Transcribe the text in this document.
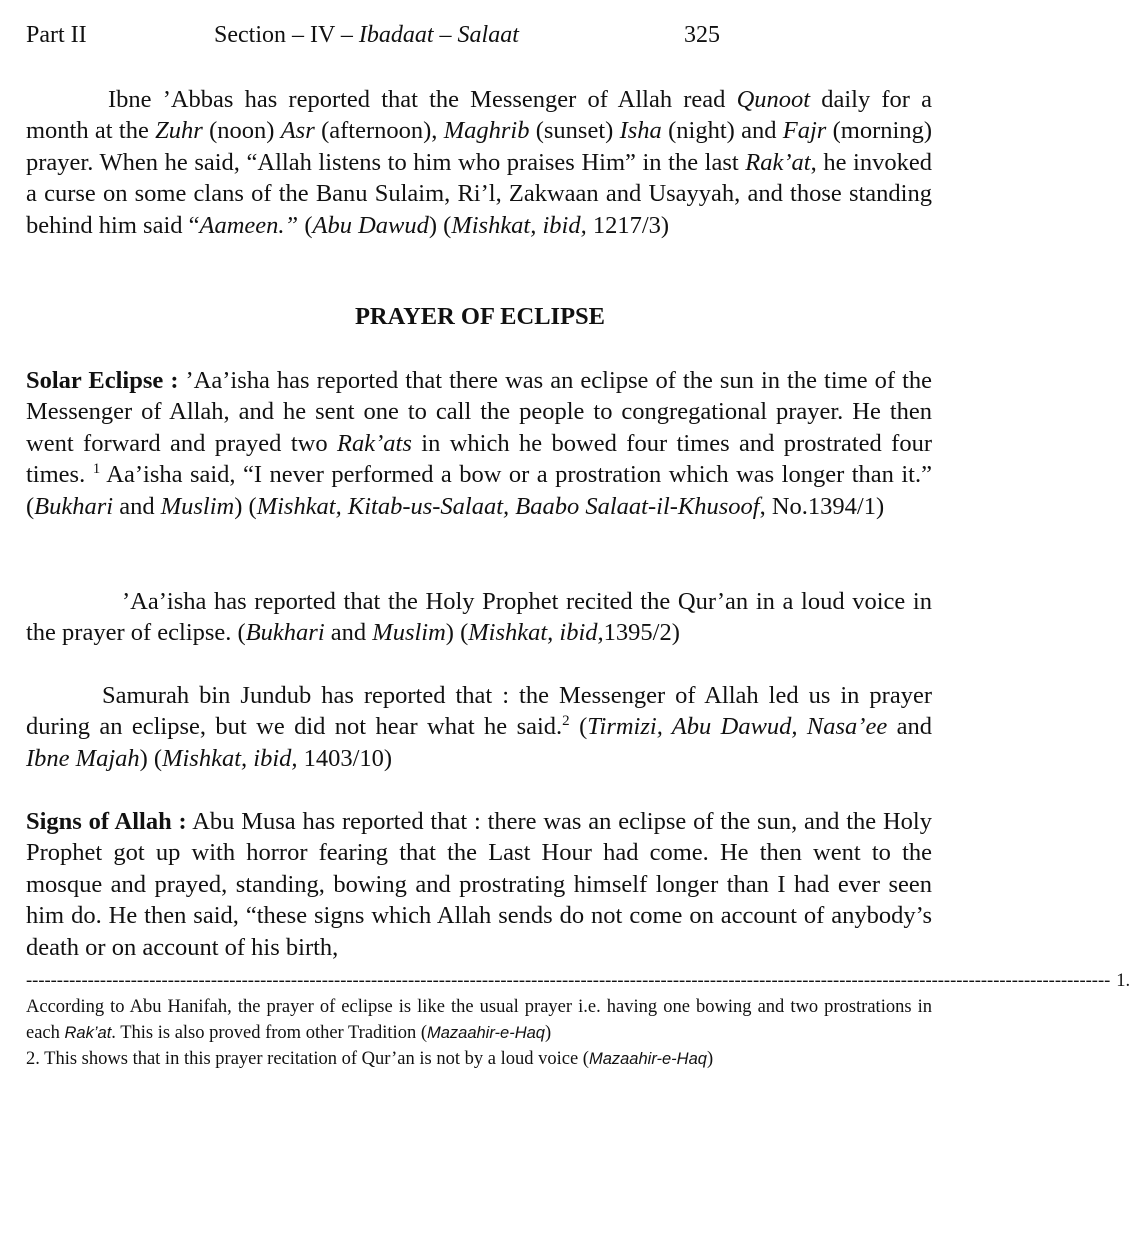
Part II	Section – IV – Ibadaat – Salaat	325

Ibne ’Abbas has reported that the Messenger of Allah read Qunoot daily for a month at the Zuhr (noon) Asr (afternoon), Maghrib (sunset) Isha (night) and Fajr (morning) prayer. When he said, “Allah listens to him who praises Him” in the last Rak’at, he invoked a curse on some clans of the Banu Sulaim, Ri’l, Zakwaan and Usayyah, and those standing behind him said “Aameen.” (Abu Dawud) (Mishkat, ibid, 1217/3)

PRAYER OF ECLIPSE

Solar Eclipse : ’Aa’isha has reported that there was an eclipse of the sun in the time of the Messenger of Allah, and he sent one to call the people to congregational prayer. He then went forward and prayed two Rak’ats in which he bowed four times and prostrated four times. $^1$ Aa’isha said, “I never performed a bow or a prostration which was longer than it.” (Bukhari and Muslim) (Mishkat, Kitab-us-Salaat, Baabo Salaat-il-Khusoof, No.1394/1)

’Aa’isha has reported that the Holy Prophet recited the Qur’an in a loud voice in the prayer of eclipse. (Bukhari and Muslim) (Mishkat, ibid,1395/2)

Samurah bin Jundub has reported that : the Messenger of Allah led us in prayer during an eclipse, but we did not hear what he said.$^2$ (Tirmizi, Abu Dawud, Nasa’ee and Ibne Majah) (Mishkat, ibid, 1403/10)

Signs of Allah : Abu Musa has reported that : there was an eclipse of the sun, and the Holy Prophet got up with horror fearing that the Last Hour had come. He then went to the mosque and prayed, standing, bowing and prostrating himself longer than I had ever seen him do. He then said, “these signs which Allah sends do not come on account of anybody’s death or on account of his birth,

-------------------------------------------------------------------------------------------------------------------------------------------------------------------------------- 1.
According to Abu Hanifah, the prayer of eclipse is like the usual prayer i.e. having one bowing and two prostrations in each Rak’at. This is also proved from other Tradition (Mazaahir-e-Haq)

2. This shows that in this prayer recitation of Qur’an is not by a loud voice (Mazaahir-e-Haq)
